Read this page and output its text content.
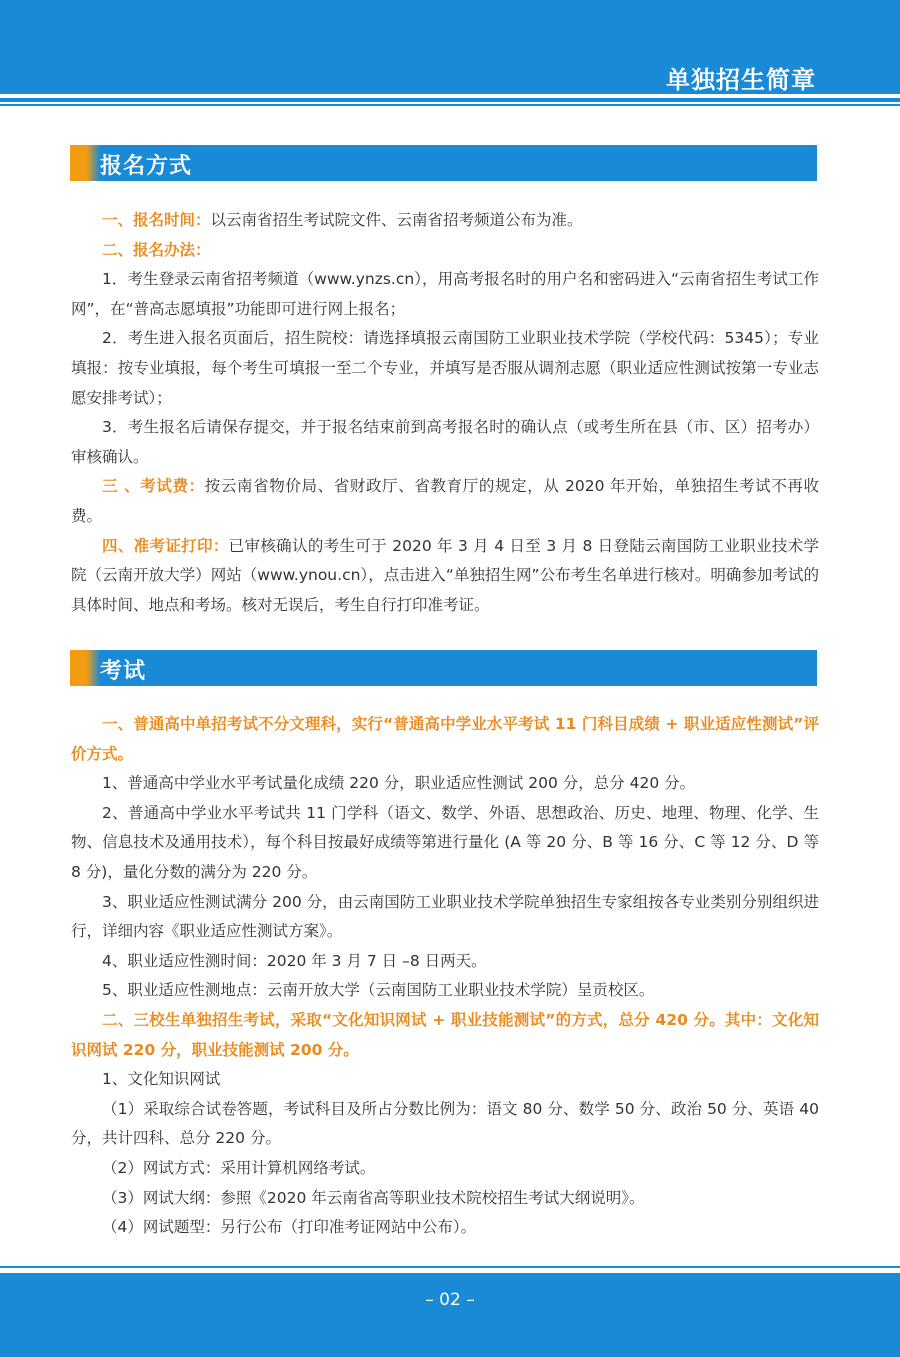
单独招生简章
报名方式

一、报名时间：以云南省招生考试院文件、云南省招考频道公布为准。

二、报名办法：

1．考生登录云南省招考频道（www.ynzs.cn），用高考报名时的用户名和密码进入“云南省招生考试工作网”，在“普高志愿填报”功能即可进行网上报名；

2．考生进入报名页面后，招生院校：请选择填报云南国防工业职业技术学院（学校代码：5345）；专业填报：按专业填报，每个考生可填报一至二个专业，并填写是否服从调剂志愿（职业适应性测试按第一专业志愿安排考试）；

3．考生报名后请保存提交，并于报名结束前到高考报名时的确认点（或考生所在县（市、区）招考办）审核确认。

三 、考试费：按云南省物价局、省财政厅、省教育厅的规定，从 2020 年开始，单独招生考试不再收费。

四、准考证打印：已审核确认的考生可于 2020 年 3 月 4 日至 3 月 8 日登陆云南国防工业职业技术学院（云南开放大学）网站（www.ynou.cn），点击进入“单独招生网”公布考生名单进行核对。明确参加考试的具体时间、地点和考场。核对无误后，考生自行打印准考证。

考试

一、普通高中单招考试不分文理科，实行“普通高中学业水平考试 11 门科目成绩 + 职业适应性测试”评价方式。

1、普通高中学业水平考试量化成绩 220 分，职业适应性测试 200 分，总分 420 分。

2、普通高中学业水平考试共 11 门学科（语文、数学、外语、思想政治、历史、地理、物理、化学、生物、信息技术及通用技术），每个科目按最好成绩等第进行量化 (A 等 20 分、B 等 16 分、C 等 12 分、D 等 8 分)，量化分数的满分为 220 分。

3、职业适应性测试满分 200 分，由云南国防工业职业技术学院单独招生专家组按各专业类别分别组织进行，详细内容《职业适应性测试方案》。

4、职业适应性测时间：2020 年 3 月 7 日 –8 日两天。

5、职业适应性测地点：云南开放大学（云南国防工业职业技术学院）呈贡校区。

二、三校生单独招生考试，采取“文化知识网试 + 职业技能测试”的方式，总分 420 分。其中：文化知识网试 220 分，职业技能测试 200 分。

1、文化知识网试

（1）采取综合试卷答题，考试科目及所占分数比例为：语文 80 分、数学 50 分、政治 50 分、英语 40 分，共计四科、总分 220 分。

（2）网试方式：采用计算机网络考试。

（3）网试大纲：参照《2020 年云南省高等职业技术院校招生考试大纲说明》。

（4）网试题型：另行公布（打印准考证网站中公布）。

– 02 –
